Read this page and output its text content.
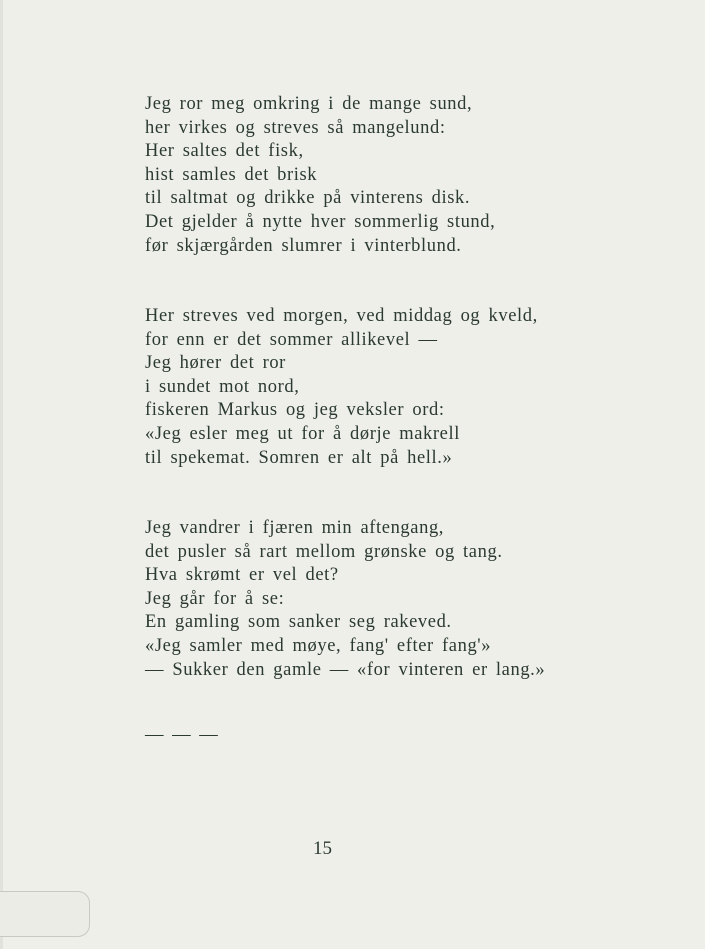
Jeg ror meg omkring i de mange sund,
her virkes og streves så mangelund:
Her saltes det fisk,
hist samles det brisk
til saltmat og drikke på vinterens disk.
Det gjelder å nytte hver sommerlig stund,
før skjærgården slumrer i vinterblund.
Her streves ved morgen, ved middag og kveld,
for enn er det sommer allikevel —
Jeg hører det ror
i sundet mot nord,
fiskeren Markus og jeg veksler ord:
«Jeg esler meg ut for å dørje makrell
til spekemat. Somren er alt på hell.»
Jeg vandrer i fjæren min aftengang,
det pusler så rart mellom grønske og tang.
Hva skrømt er vel det?
Jeg går for å se:
En gamling som sanker seg rakeved.
«Jeg samler med møye, fang' efter fang'»
— Sukker den gamle — «for vinteren er lang.»
— — —
15
